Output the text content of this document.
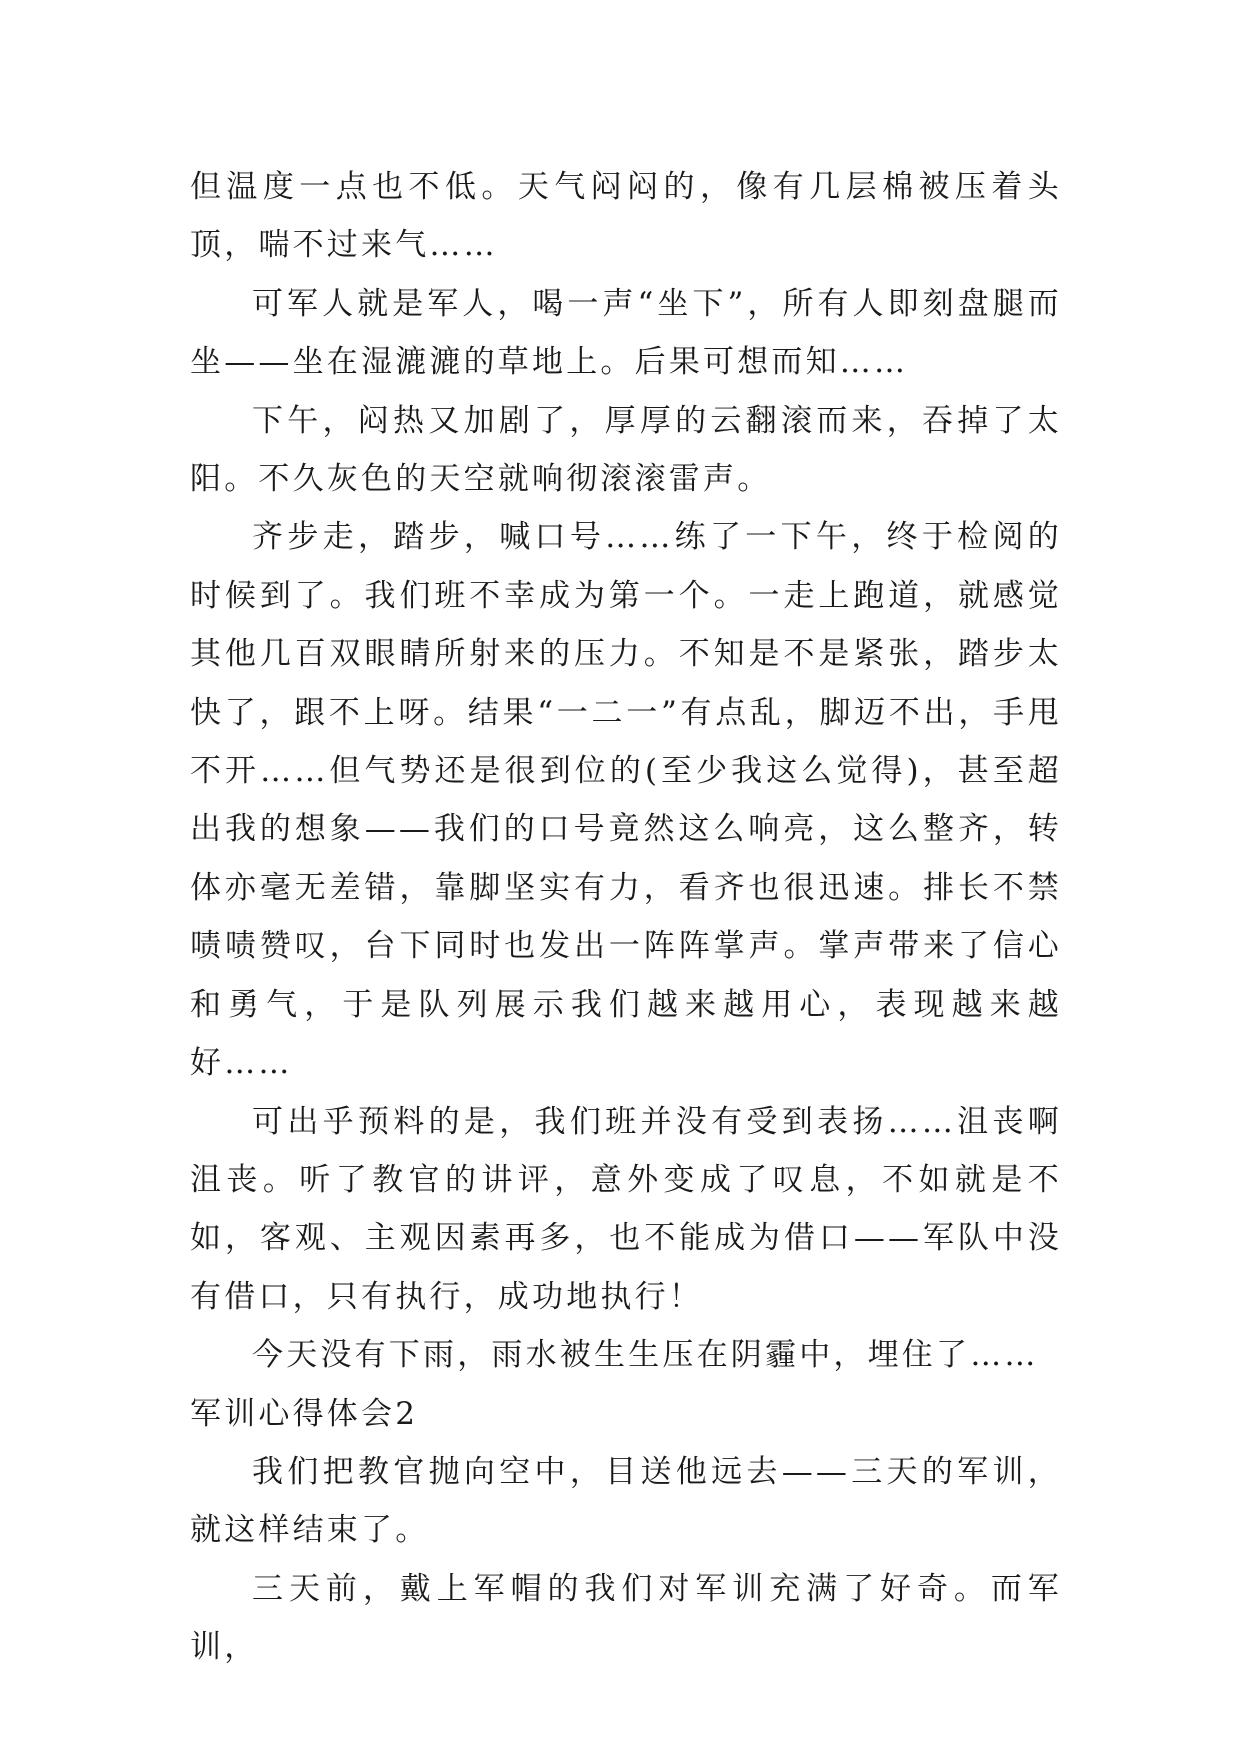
但温度一点也不低。天气闷闷的，像有几层棉被压着头顶，喘不过来气……

可军人就是军人，喝一声“坐下”，所有人即刻盘腿而坐——坐在湿漉漉的草地上。后果可想而知……

下午，闷热又加剧了，厚厚的云翻滚而来，吞掉了太阳。不久灰色的天空就响彻滚滚雷声。

齐步走，踏步，喊口号……练了一下午，终于检阅的时候到了。我们班不幸成为第一个。一走上跑道，就感觉其他几百双眼睛所射来的压力。不知是不是紧张，踏步太快了，跟不上呀。结果“一二一”有点乱，脚迈不出，手甩不开……但气势还是很到位的(至少我这么觉得)，甚至超出我的想象——我们的口号竟然这么响亮，这么整齐，转体亦毫无差错，靠脚坚实有力，看齐也很迅速。排长不禁啧啧赞叹，台下同时也发出一阵阵掌声。掌声带来了信心和勇气，于是队列展示我们越来越用心，表现越来越好……

可出乎预料的是，我们班并没有受到表扬……沮丧啊沮丧。听了教官的讲评，意外变成了叹息，不如就是不如，客观、主观因素再多，也不能成为借口——军队中没有借口，只有执行，成功地执行！

今天没有下雨，雨水被生生压在阴霾中，埋住了……

军训心得体会2

我们把教官抛向空中，目送他远去——三天的军训，就这样结束了。

三天前，戴上军帽的我们对军训充满了好奇。而军训，
